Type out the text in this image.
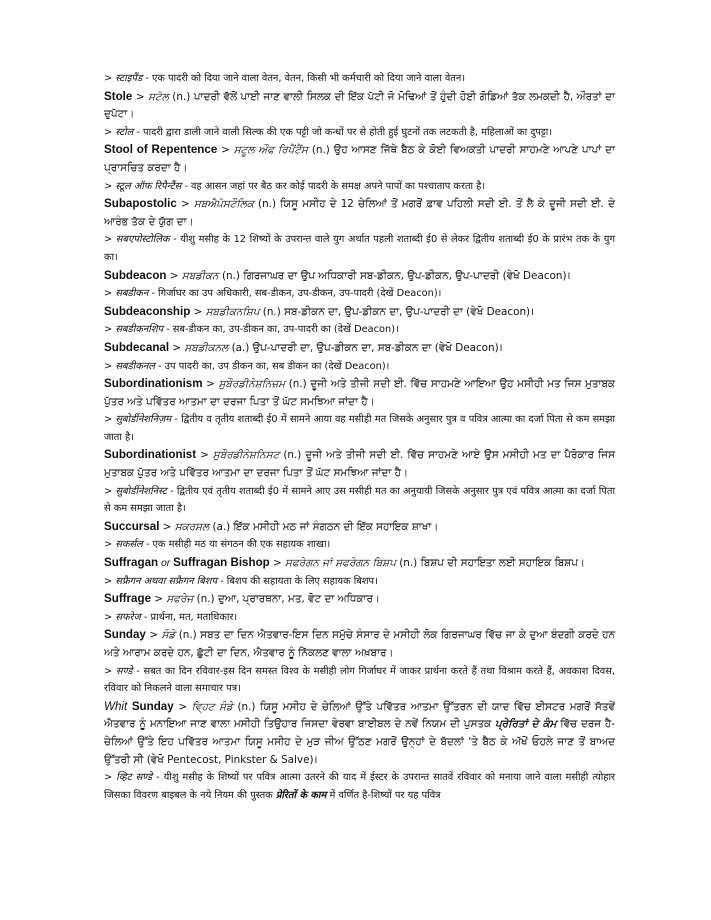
> स्टाइपैंड - एक पादरी को दिया जाने वाला वेतन, वेतन, किसी भी कर्मचारी को दिया जाने वाला वेतन।

Stole > ਸਟੋਲ (n.) ਪਾਦਰੀ ਵੱਲੋਂ ਪਾਈ ਜਾਣ ਵਾਲੀ ਸਿਲਕ ਦੀ ਇੱਕ ਪੱਟੀ ਜੋ ਮੋਢਿਆਂ ਤੋਂ ਹੁੰਦੀ ਹੋਈ ਗੋਡਿਆਂ ਤੱਕ ਲਮਕਦੀ ਹੈ, ਔਰਤਾਂ ਦਾ ਦੁਪੱਟਾ।

> स्टोल - पादरी द्वारा डाली जाने वाली सिल्क की एक पट्टी जो कन्धों पर से होती हुई घुटनों तक लटकती है, महिलाओं का दुपट्टा।

Stool of Repentence > ਸਟੂਲ ਔਫ ਰਿਪੈਂਟੈਂਸ (n.) ਉਹ ਆਸਣ ਜਿੱਥੇ ਬੈਠ ਕੇ ਕੋਈ ਵਿਅਕਤੀ ਪਾਦਰੀ ਸਾਹਮਣੇ ਆਪਣੇ ਪਾਪਾਂ ਦਾ ਪ੍ਰਾਸਚਿਤ ਕਰਦਾ ਹੈ।

> स्टूल ऑफ रिपैन्टैंस - वह आसन जहां पर बैठ कर कोई पादरी के समक्ष अपने पापों का पश्चाताप करता है।

Subapostolic > ਸਬਐਪੋਸਟੌਲਿਕ (n.) ਯਿਸੂ ਮਸੀਹ ਦੇ 12 ਚੇਲਿਆਂ ਤੋਂ ਮਗਰੋਂ ਫ਼ਾਵ ਪਹਿਲੀ ਸਦੀ ਈ. ਤੋਂ ਲੈ ਕੇ ਦੂਜੀ ਸਦੀ ਈ. ਦੇ ਆਰੰਭ ਤੱਕ ਦੇ ਯੁੱਗ ਦਾ।

> सबएपोस्टोलिक - यीशु मसीह के 12 शिष्यों के उपरान्त वाले युग अर्थात पहली शताब्दी ई0 से लेकर द्वितीय शताब्दी ई0 के प्रारंभ तक के युग का।

Subdeacon > ਸਬਡੀਕਨ (n.) ਗਿਰਜਾਘਰ ਦਾ ਉਪ ਅਧਿਕਾਰੀ ਸਬ-ਡੀਕਨ, ਉਪ-ਡੀਕਨ, ਉਪ-ਪਾਦਰੀ (ਵੇਖੋ Deacon)।

> सबडीकन - गिर्जाघर का उप अधिकारी, सब-डीकन, उप-डीकन, उप-पादरी (देखें Deacon)।

Subdeaconship > ਸਬਡੀਕਨਸ਼ਿਪ (n.) ਸਬ-ਡੀਕਨ ਦਾ, ਉਪ-ਡੀਕਨ ਦਾ, ਉਪ-ਪਾਦਰੀ ਦਾ (ਵੇਖੋ Deacon)।

> सबडीकनशिप - सब-डीकन का, उप-डीकन का, उप-पादरी का (देखें Deacon)।

Subdecanal > ਸਬਡੀਕਨਲ (a.) ਉਪ-ਪਾਦਰੀ ਦਾ, ਉਪ-ਡੀਕਨ ਦਾ, ਸਬ-ਡੀਕਨ ਦਾ (ਵੇਖੋ Deacon)।

> सबडीकनल - उप पादरी का, उप डीकन का, सब डीकन का (देखें Deacon)।

Subordinationism > ਸੁਬੌਰਡੀਨੇਸ਼ਨਿਜ਼ਮ (n.) ਦੂਜੀ ਅਤੇ ਤੀਜੀ ਸਦੀ ਈ. ਵਿੱਚ ਸਾਹਮਣੇ ਆਇਆ ਉਹ ਮਸੀਹੀ ਮਤ ਜਿਸ ਮੁਤਾਬਕ ਪੁੱਤਰ ਅਤੇ ਪਵਿੱਤਰ ਆਤਮਾ ਦਾ ਦਰਜਾ ਪਿਤਾ ਤੋਂ ਘੱਟ ਸਮਝਿਆ ਜਾਂਦਾ ਹੈ।

> सुबोर्डीनेशनिज़म - द्वितीय व तृतीय शताब्दी ई0 में सामने आया वह मसीही मत जिसके अनुसार पुत्र व पवित्र आत्मा का दर्जा पिता से कम समझा जाता है।

Subordinationist > ਸੁਬੌਰਡੀਨੇਸ਼ਨਿਸਟ (n.) ਦੂਜੀ ਅਤੇ ਤੀਜੀ ਸਦੀ ਈ. ਵਿੱਚ ਸਾਹਮਣੇ ਆਏ ਉਸ ਮਸੀਹੀ ਮਤ ਦਾ ਪੈਰੋਕਾਰ ਜਿਸ ਮੁਤਾਬਕ ਪੁੱਤਰ ਅਤੇ ਪਵਿੱਤਰ ਆਤਮਾ ਦਾ ਦਰਜਾ ਪਿਤਾ ਤੋਂ ਘੱਟ ਸਮਝਿਆ ਜਾਂਦਾ ਹੈ।

> सुबोर्डीनेशनिस्ट - द्वितीय एवं तृतीय शताब्दी ई0 में सामने आए उस मसीही मत का अनुयायी जिसके अनुसार पुत्र एवं पवित्र आत्मा का दर्जा पिता से कम समझा जाता है।

Succursal > ਸਕਰਸਲ (a.) ਇੱਕ ਮਸੀਹੀ ਮਠ ਜਾਂ ਸੰਗਠਨ ਦੀ ਇੱਕ ਸਹਾਇਕ ਸ਼ਾਖਾ।

> सकर्सल - एक मसीही मठ या संगठन की एक सहायक शाखा।

Suffragan or Suffragan Bishop > ਸਫਰੇਗਨ ਜਾਂ ਸਫਰੇਗਨ ਬਿਸ਼ਪ (n.) ਬਿਸ਼ਪ ਦੀ ਸਹਾਇਤਾ ਲਈ ਸਹਾਇਕ ਬਿਸ਼ਪ।

> सफ्रैगन अथवा सफ्रैगन बिशप - बिशप की सहायता के लिए सहायक बिशप।

Suffrage > ਸਫਰੇਜ (n.) ਦੁਆ, ਪ੍ਰਾਰਥਨਾ, ਮਤ, ਵੋਟ ਦਾ ਅਧਿਕਾਰ।

> सफरेज - प्रार्थना, मत, मताधिकार।

Sunday > ਸੰਡੇ (n.) ਸਬਤ ਦਾ ਦਿਨ ਐਤਵਾਰ-ਇਸ ਦਿਨ ਸਮੁੱਚੇ ਸੰਸਾਰ ਦੇ ਮਸੀਹੀ ਲੋਕ ਗਿਰਜਾਘਰ ਵਿੱਚ ਜਾ ਕੇ ਦੁਆ ਬੰਦਗੀ ਕਰਦੇ ਹਨ ਅਤੇ ਆਰਾਮ ਕਰਦੇ ਹਨ, ਛੁੱਟੀ ਦਾ ਦਿਨ, ਐਤਵਾਰ ਨੂੰ ਨਿੱਕਲਣ ਵਾਲਾ ਅਖ਼ਬਾਰ।

> सण्डे - सबत का दिन रविवार-इस दिन समस्त विश्व के मसीही लोग गिर्जाघर में जाकर प्रार्थना करते हैं तथा विश्राम करते हैं, अवकाश दिवस, रविवार को निकलने वाला समाचार पत्र।

Whit Sunday > ਵ੍ਹਿਟ ਸੰਡੇ (n.) ਯਿਸੂ ਮਸੀਹ ਦੇ ਚੇਲਿਆਂ ਉੱਤੇ ਪਵਿੱਤਰ ਆਤਮਾ ਉੱਤਰਨ ਦੀ ਯਾਦ ਵਿੱਚ ਈਸਟਰ ਮਗਰੋਂ ਸੱਤਵੇਂ ਐਤਵਾਰ ਨੂੰ ਮਨਾਇਆ ਜਾਣ ਵਾਲਾ ਮਸੀਹੀ ਤਿਉਹਾਰ ਜਿਸਦਾ ਵੇਰਵਾ ਬਾਈਬਲ ਦੇ ਨਵੇਂ ਨਿਯਮ ਦੀ ਪੁਸਤਕ ਪ੍ਰੇਰਿਤਾਂ ਦੇ ਕੰਮ ਵਿੱਚ ਦਰਜ ਹੈ-ਚੇਲਿਆਂ ਉੱਤੇ ਇਹ ਪਵਿੱਤਰ ਆਤਮਾ ਯਿਸੂ ਮਸੀਹ ਦੇ ਮੁੜ ਜੀਅ ਉੱਠਣ ਮਗਰੋਂ ਉਨ੍ਹਾਂ ਦੇ ਬੱਦਲਾਂ 'ਤੇ ਬੈਠ ਕੇ ਅੱਖੋਂ ਓਹਲੇ ਜਾਣ ਤੋਂ ਬਾਅਦ ਉੱਤਰੀ ਸੀ (ਵੇਖੋ Pentecost, Pinkster & Salve)।

> व्हिट सण्डे - यीशु मसीह के शिष्यों पर पवित्र आत्मा उतरने की याद में ईस्टर के उपरान्त सातवें रविवार को मनाया जाने वाला मसीही त्योहार जिसका विवरण बाइबल के नये नियम की पुस्तक प्रेरितों के काम में वर्णित है-शिष्यों पर यह पवित्र
